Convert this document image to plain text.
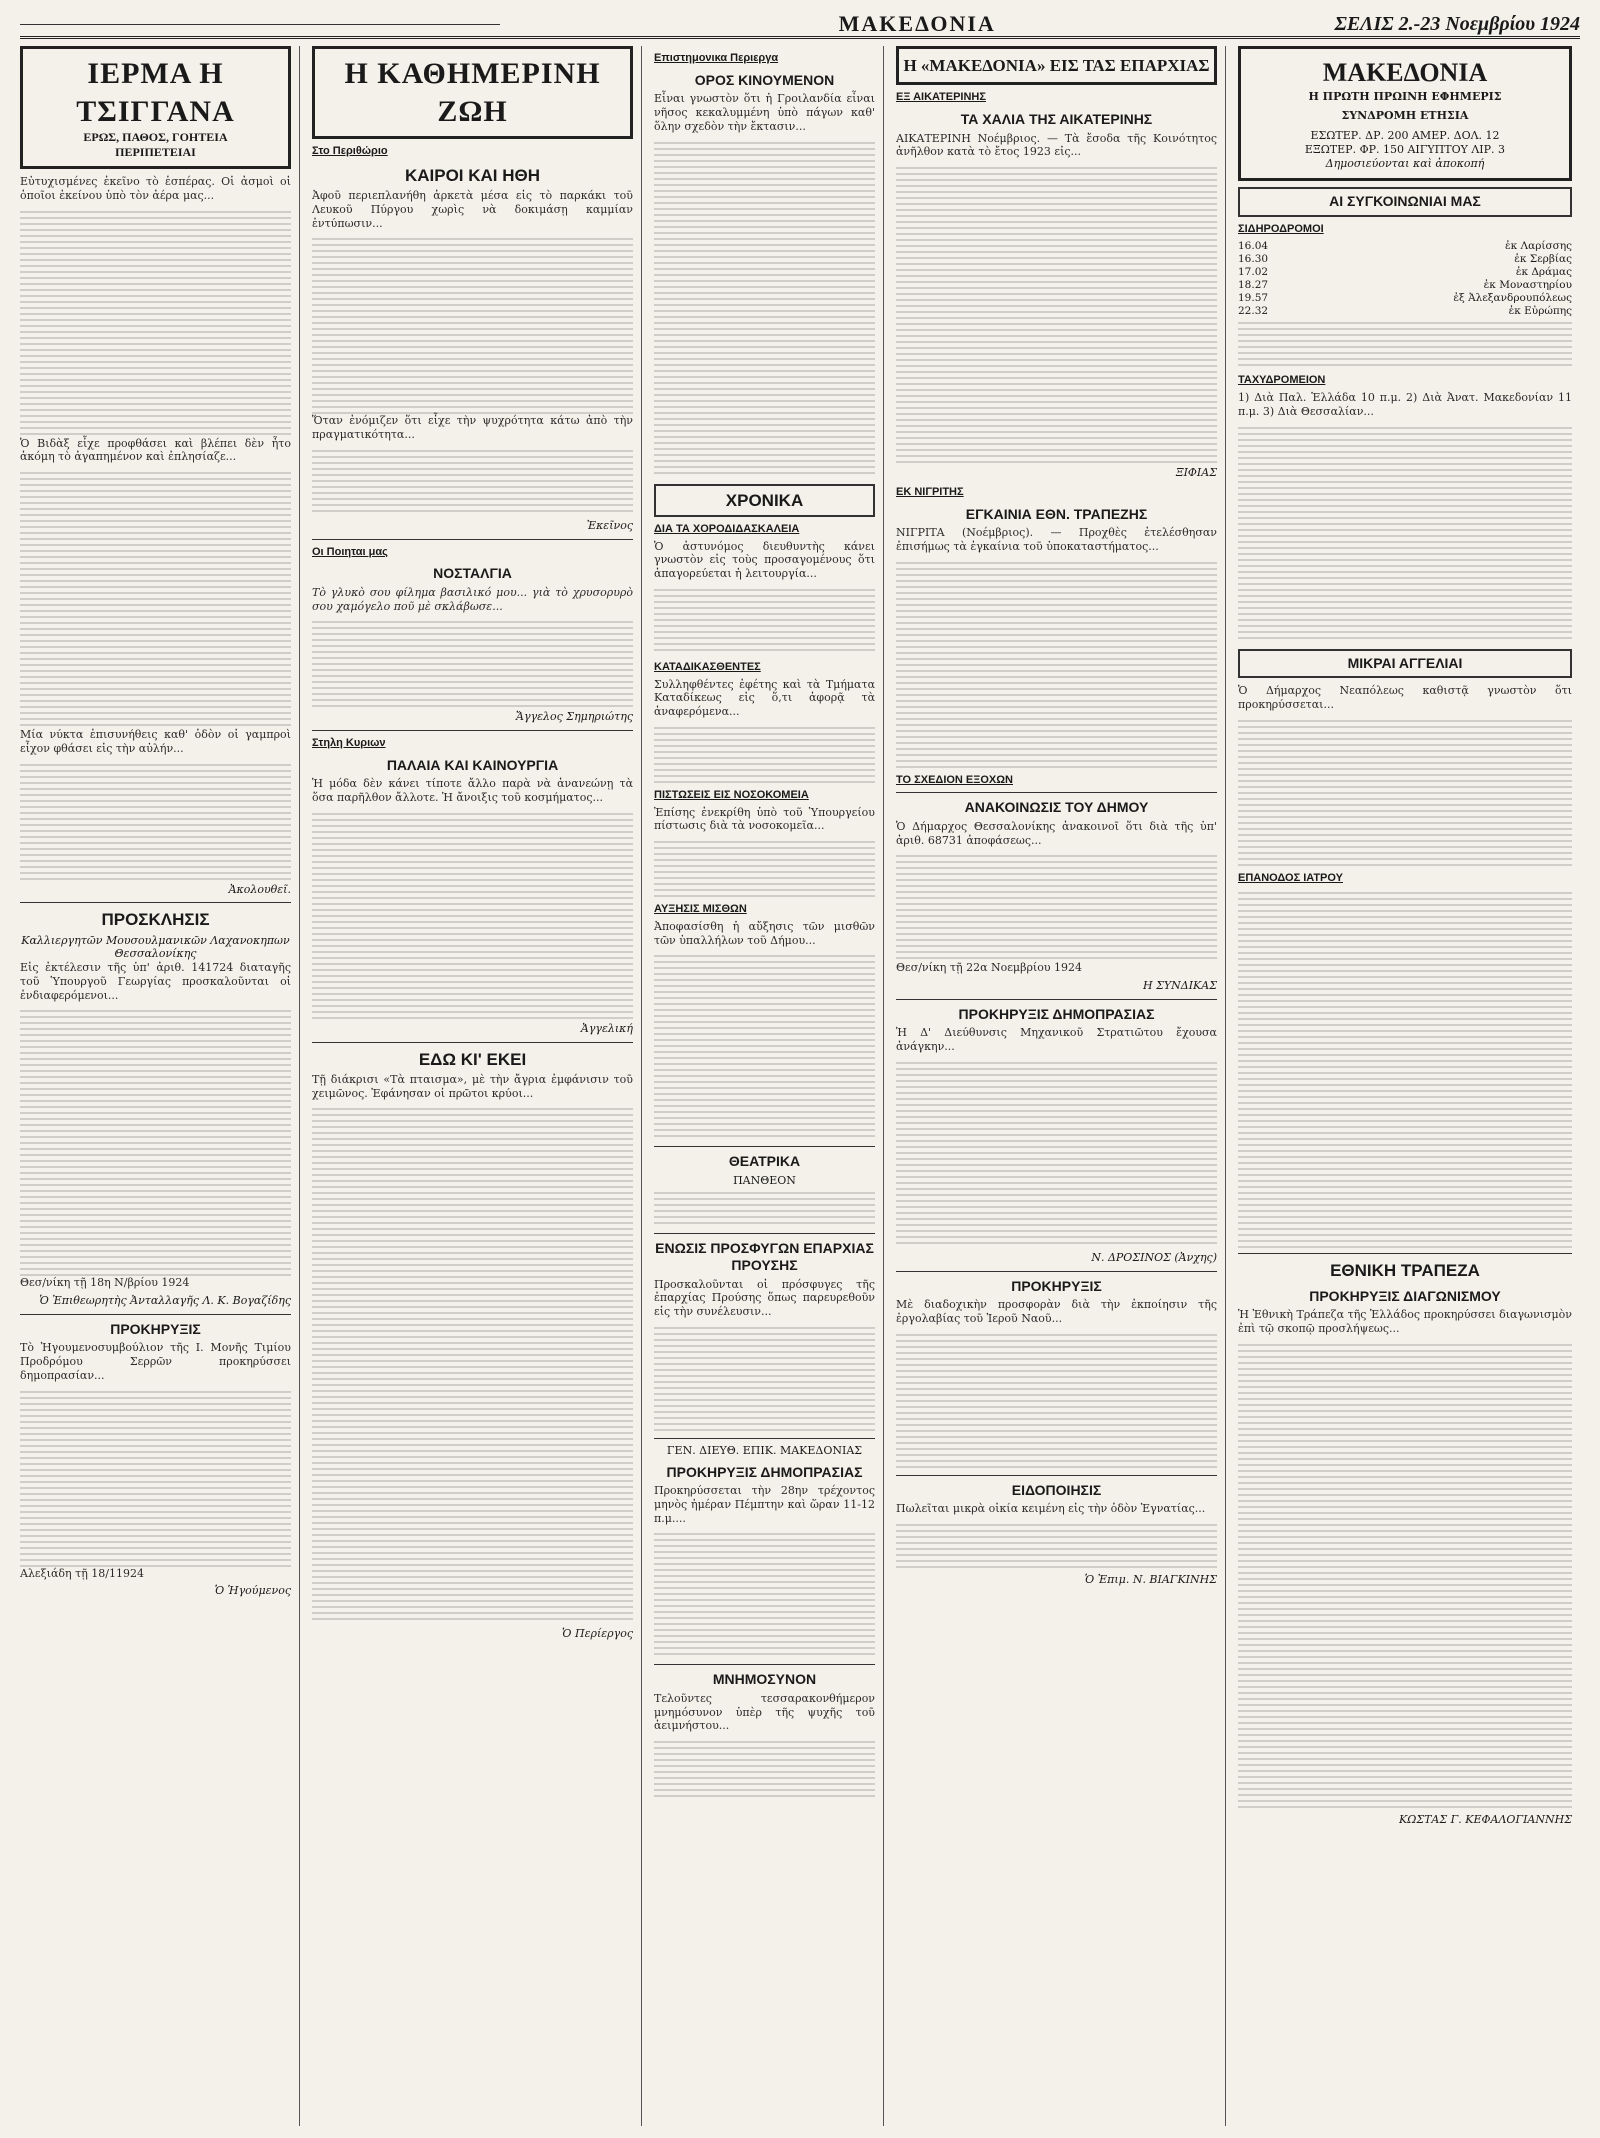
ΜΑΚΕΔΟΝΙΑ	ΣΕΛΙΣ 2.-23 Νοεμβρίου 1924
ΙΕΡΜΑ Η ΤΣΙΓΓΑΝΑ
ΕΡΩΣ, ΠΑΘΟΣ, ΓΟΗΤΕΙΑ
ΠΕΡΙΠΕΤΕΙΑΙ

Εὐτυχισμένες ἐκεῖνο τὸ ἑσπέρας. Οἱ ἀσμοὶ οἱ ὁποῖοι ἐκείνου ὑπὸ τὸν ἀέρα μας...

Ὁ Βιδὰξ εἶχε προφθάσει καὶ βλέπει δὲν ἦτο ἀκόμη τὸ ἀγαπημένον καὶ ἐπλησίαζε...

Μία νύκτα ἐπισυνήθεις καθ' ὁδὸν οἱ γαμπροὶ εἶχον φθάσει εἰς τὴν αὐλήν...

Ἀκολουθεῖ.
ΠΡΟΣΚΛΗΣΙΣ
Καλλιεργητῶν Μουσουλμανικῶν Λαχανοκηπων Θεσσαλονίκης

Εἰς ἐκτέλεσιν τῆς ὑπ' ἀριθ. 141724 διαταγῆς τοῦ Ὑπουργοῦ Γεωργίας προσκαλοῦνται οἱ ἐνδιαφερόμενοι...

Θεσ/νίκη τῇ 18η Ν/βρίου 1924
Ὁ Ἐπιθεωρητὴς Ἀνταλλαγῆς Λ. Κ. Βογαζίδης
ΠΡΟΚΗΡΥΞΙΣ

Τὸ Ἡγουμενοσυμβούλιον τῆς Ι. Μονῆς Τιμίου Προδρόμου Σερρῶν προκηρύσσει δημοπρασίαν...

Αλεξιάδη τῇ 18/11924
Ὁ Ἡγούμενος
Η ΚΑΘΗΜΕΡΙΝΗ ΖΩΗ
Στο Περιθώριο
ΚΑΙΡΟΙ ΚΑΙ ΗΘΗ

Ἀφοῦ περιεπλανήθη ἀρκετὰ μέσα εἰς τὸ παρκάκι τοῦ Λευκοῦ Πύργου χωρὶς νὰ δοκιμάσῃ καμμίαν ἐντύπωσιν...

Ὅταν ἐνόμιζεν ὅτι εἶχε τὴν ψυχρότητα κάτω ἀπὸ τὴν πραγματικότητα...

Ἐκεῖνος
Οι Ποιηται μας
ΝΟΣΤΑΛΓΙΑ

Τὸ γλυκὸ σου φίλημα βασιλικό μου... γιὰ τὸ χρυσορυρὸ σου χαμόγελο ποῦ μὲ σκλάβωσε...

Ἄγγελος Σημηριώτης
Στηλη Κυριων
ΠΑΛΑΙΑ ΚΑΙ ΚΑΙΝΟΥΡΓΙΑ

Ἡ μόδα δὲν κάνει τίποτε ἄλλο παρὰ νὰ ἀνανεώνῃ τὰ ὅσα παρῆλθον ἄλλοτε. Ἡ ἄνοιξις τοῦ κοσμήματος...

Ἀγγελική
ΕΔΩ ΚΙ' ΕΚΕΙ

Τῇ διάκρισι «Τὰ πταισμα», μὲ τὴν ἄγρια ἐμφάνισιν τοῦ χειμῶνος. Ἐφάνησαν οἱ πρῶτοι κρύοι...

Ὁ Περίεργος
Επιστημονικα Περιεργα
ΟΡΟΣ ΚΙΝΟΥΜΕΝΟΝ

Εἶναι γνωστὸν ὅτι ἡ Γροιλανδία εἶναι νῆσος κεκαλυμμένη ὑπὸ πάγων καθ' ὅλην σχεδὸν τὴν ἔκτασιν...

ΧΡΟΝΙΚΑ
ΔΙΑ ΤΑ ΧΟΡΟΔΙΔΑΣΚΑΛΕΙΑ

Ὁ ἀστυνόμος διευθυντὴς κάνει γνωστὸν εἰς τοὺς προσαγομένους ὅτι ἀπαγορεύεται ἡ λειτουργία...

ΚΑΤΑΔΙΚΑΣΘΕΝΤΕΣ

Συλληφθέντες ἐφέτης καὶ τὰ Τμήματα Καταδίκεως εἰς ὅ,τι ἀφορᾷ τὰ ἀναφερόμενα...

ΠΙΣΤΩΣΕΙΣ ΕΙΣ ΝΟΣΟΚΟΜΕΙΑ

Ἐπίσης ἐνεκρίθη ὑπὸ τοῦ Ὑπουργείου πίστωσις διὰ τὰ νοσοκομεῖα...

ΑΥΞΗΣΙΣ ΜΙΣΘΩΝ

Ἀποφασίσθη ἡ αὔξησις τῶν μισθῶν τῶν ὑπαλλήλων τοῦ Δήμου...

ΘΕΑΤΡΙΚΑ
ΠΑΝΘΕΟΝ
ΕΝΩΣΙΣ ΠΡΟΣΦΥΓΩΝ ΕΠΑΡΧΙΑΣ ΠΡΟΥΣΗΣ

Προσκαλοῦνται οἱ πρόσφυγες τῆς ἐπαρχίας Προύσης ὅπως παρευρεθοῦν εἰς τὴν συνέλευσιν...

ΓΕΝ. ΔΙΕΥΘ. ΕΠΙΚ. ΜΑΚΕΔΟΝΙΑΣ
ΠΡΟΚΗΡΥΞΙΣ ΔΗΜΟΠΡΑΣΙΑΣ

Προκηρύσσεται τὴν 28ην τρέχοντος μηνὸς ἡμέραν Πέμπτην καὶ ὥραν 11-12 π.μ....

ΜΝΗΜΟΣΥΝΟΝ

Τελοῦντες τεσσαρακονθήμερον μνημόσυνον ὑπὲρ τῆς ψυχῆς τοῦ ἀειμνήστου...

Η «ΜΑΚΕΔΟΝΙΑ» ΕΙΣ ΤΑΣ ΕΠΑΡΧΙΑΣ
ΕΞ ΑΙΚΑΤΕΡΙΝΗΣ
ΤΑ ΧΑΛΙΑ ΤΗΣ ΑΙΚΑΤΕΡΙΝΗΣ

ΑΙΚΑΤΕΡΙΝΗ Νοέμβριος. — Τὰ ἔσοδα τῆς Κοινότητος ἀνῆλθον κατὰ τὸ ἔτος 1923 εἰς...

ΞΙΦΙΑΣ
ΕΚ ΝΙΓΡΙΤΗΣ
ΕΓΚΑΙΝΙΑ ΕΘΝ. ΤΡΑΠΕΖΗΣ

ΝΙΓΡΙΤΑ (Νοέμβριος). — Προχθὲς ἐτελέσθησαν ἐπισήμως τὰ ἐγκαίνια τοῦ ὑποκαταστήματος...

ΤΟ ΣΧΕΔΙΟΝ ΕΞΟΧΩΝ
ΑΝΑΚΟΙΝΩΣΙΣ ΤΟΥ ΔΗΜΟΥ

Ὁ Δήμαρχος Θεσσαλονίκης ἀνακοινοῖ ὅτι διὰ τῆς ὑπ' ἀριθ. 68731 ἀποφάσεως...

Θεσ/νίκη τῇ 22α Νοεμβρίου 1924
Η ΣΥΝΔΙΚΑΣ
ΠΡΟΚΗΡΥΞΙΣ ΔΗΜΟΠΡΑΣΙΑΣ

Ἡ Δ' Διεύθυνσις Μηχανικοῦ Στρατιῶτου ἔχουσα ἀνάγκην...

Ν. ΔΡΟΣΙΝΟΣ (Ἀνχης)
ΠΡΟΚΗΡΥΞΙΣ

Μὲ διαδοχικὴν προσφορὰν διὰ τὴν ἐκποίησιν τῆς ἐργολαβίας τοῦ Ἱεροῦ Ναοῦ...

ΕΙΔΟΠΟΙΗΣΙΣ

Πωλεῖται μικρὰ οἰκία κειμένη εἰς τὴν ὁδὸν Ἐγνατίας...

Ὁ Ἐπιμ. Ν. ΒΙΑΓΚΙΝΗΣ
ΜΑΚΕΔΟΝΙΑ
Η ΠΡΩΤΗ ΠΡΩΙΝΗ ΕΦΗΜΕΡΙΣ
ΣΥΝΔΡΟΜΗ ΕΤΗΣΙΑ
ΕΣΩΤΕΡ. ΔΡ. 200 ΑΜΕΡ. ΔΟΛ. 12
ΕΞΩΤΕΡ. ΦΡ. 150 ΑΙΓΥΠΤΟΥ ΛΙΡ. 3
Δημοσιεύονται καὶ ἀποκοπή
ΑΙ ΣΥΓΚΟΙΝΩΝΙΑΙ ΜΑΣ
ΣΙΔΗΡΟΔΡΟΜΟΙ
16.04	ἐκ Λαρίσσης
16.30	ἐκ Σερβίας
17.02	ἐκ Δράμας
18.27	ἐκ Μοναστηρίου
19.57	ἐξ Ἀλεξανδρουπόλεως
22.32	ἐκ Εὐρώπης
ΤΑΧΥΔΡΟΜΕΙΟΝ

1) Διὰ Παλ. Ἑλλάδα 10 π.μ. 2) Διὰ Ἀνατ. Μακεδονίαν 11 π.μ. 3) Διὰ Θεσσαλίαν...

ΜΙΚΡΑΙ ΑΓΓΕΛΙΑΙ

Ὁ Δήμαρχος Νεαπόλεως καθιστᾷ γνωστὸν ὅτι προκηρύσσεται...

ΕΠΑΝΟΔΟΣ ΙΑΤΡΟΥ
ΕΘΝΙΚΗ ΤΡΑΠΕΖΑ
ΠΡΟΚΗΡΥΞΙΣ ΔΙΑΓΩΝΙΣΜΟΥ

Ἡ Ἐθνικὴ Τράπεζα τῆς Ἑλλάδος προκηρύσσει διαγωνισμὸν ἐπὶ τῷ σκοπῷ προσλήψεως...

ΚΩΣΤΑΣ Γ. ΚΕΦΑΛΟΓΙΑΝΝΗΣ
